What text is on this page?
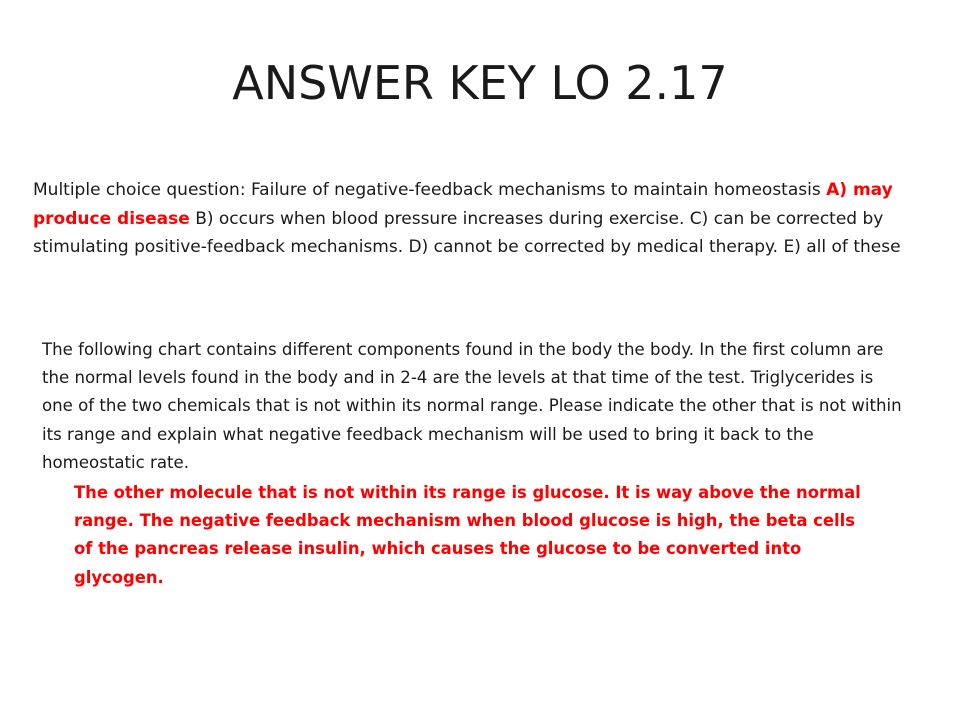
ANSWER KEY LO 2.17
Multiple choice question: Failure of negative-feedback mechanisms to maintain homeostasis A) may produce disease B) occurs when blood pressure increases during exercise. C) can be corrected by stimulating positive-feedback mechanisms. D) cannot be corrected by medical therapy. E) all of these
The following chart contains different components found in the body the body. In the first column are the normal levels found in the body and in 2-4 are the levels at that time of the test. Triglycerides is one of the two chemicals that is not within its normal range. Please indicate the other that is not within its range and explain what negative feedback mechanism will be used to bring it back to the homeostatic rate.
The other molecule that is not within its range is glucose. It is way above the normal range. The negative feedback mechanism when blood glucose is high, the beta cells of the pancreas release insulin, which causes the glucose to be converted into glycogen.
